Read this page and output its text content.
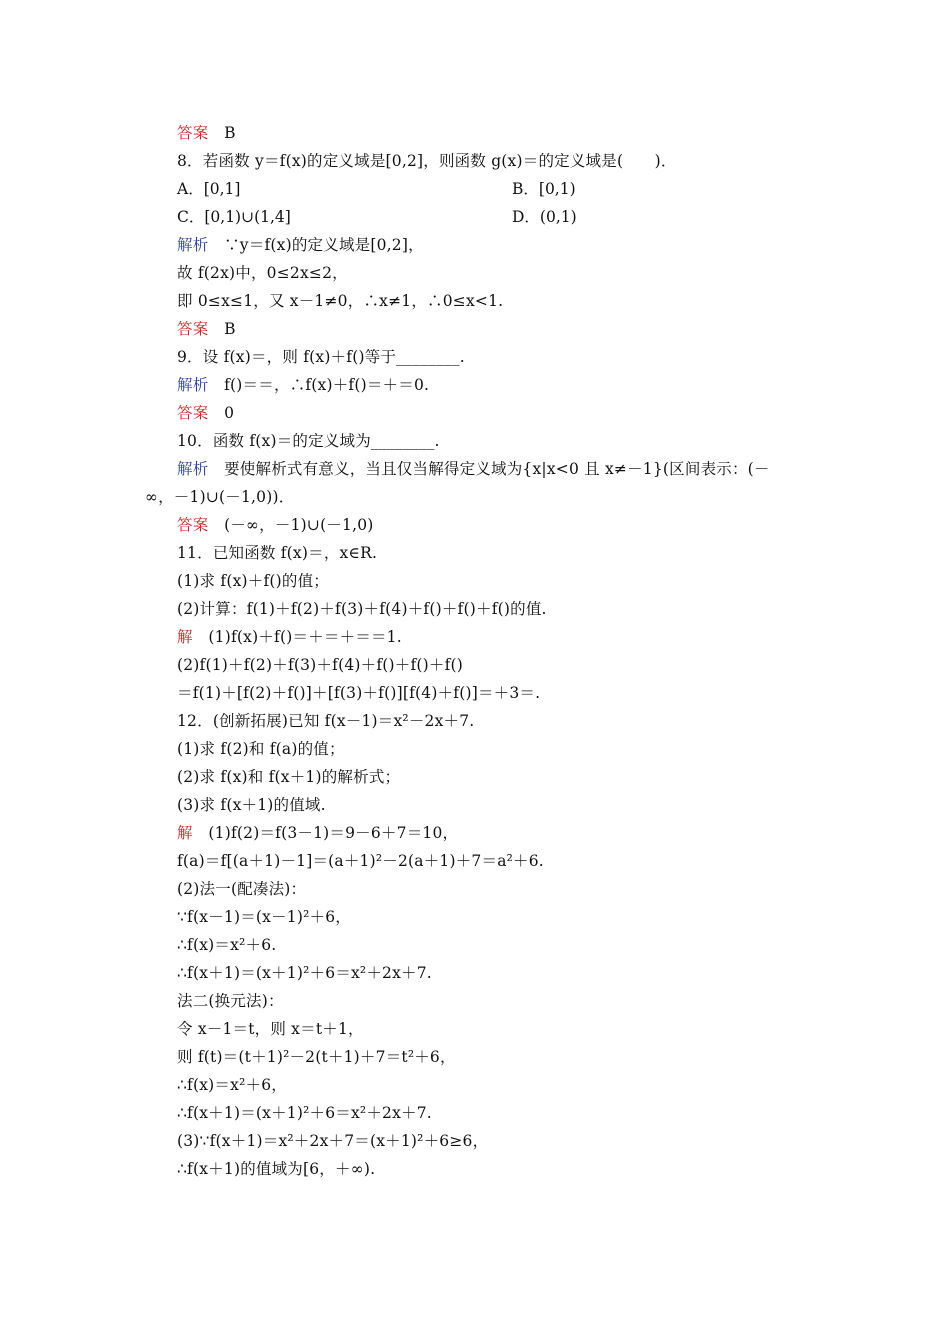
答案　 B
8．若函数 y＝f(x)的定义域是[0,2]，则函数 g(x)＝的定义域是(　　)．
A．[0,1]	B．[0,1)
C．[0,1)∪(1,4]	D．(0,1)
解析　 ∵y＝f(x)的定义域是[0,2]，
故 f(2x)中，0≤2x≤2，
即 0≤x≤1，又 x－1≠0，∴x≠1，∴0≤x<1.
答案　 B
9．设 f(x)＝，则 f(x)＋f()等于________.
解析　 f()＝＝，∴f(x)＋f()＝＋＝0.
答案　 0
10．函数 f(x)＝的定义域为________.
解析　 要使解析式有意义，当且仅当解得定义域为{x|x<0 且 x≠－1}(区间表示：(－
∞，－1)∪(－1,0))．
答案　 (－∞，－1)∪(－1,0)
11．已知函数 f(x)＝，x∈R.
(1)求 f(x)＋f()的值；
(2)计算：f(1)＋f(2)＋f(3)＋f(4)＋f()＋f()＋f()的值.
解　 (1)f(x)＋f()＝＋＝＋＝＝1.
(2)f(1)＋f(2)＋f(3)＋f(4)＋f()＋f()＋f()
＝f(1)＋[f(2)＋f()]＋[f(3)＋f()][f(4)＋f()]＝＋3＝.
12．(创新拓展)已知 f(x－1)＝x²－2x＋7.
(1)求 f(2)和 f(a)的值；
(2)求 f(x)和 f(x＋1)的解析式；
(3)求 f(x＋1)的值域.
解　 (1)f(2)＝f(3－1)＝9－6＋7＝10，
f(a)＝f[(a＋1)－1]＝(a＋1)²－2(a＋1)＋7＝a²＋6.
(2)法一(配凑法)：
∵f(x－1)＝(x－1)²＋6，
∴f(x)＝x²＋6.
∴f(x＋1)＝(x＋1)²＋6＝x²＋2x＋7.
法二(换元法)：
令 x－1＝t，则 x＝t＋1，
则 f(t)＝(t＋1)²－2(t＋1)＋7＝t²＋6，
∴f(x)＝x²＋6，
∴f(x＋1)＝(x＋1)²＋6＝x²＋2x＋7.
(3)∵f(x＋1)＝x²＋2x＋7＝(x＋1)²＋6≥6，
∴f(x＋1)的值域为[6，＋∞).
